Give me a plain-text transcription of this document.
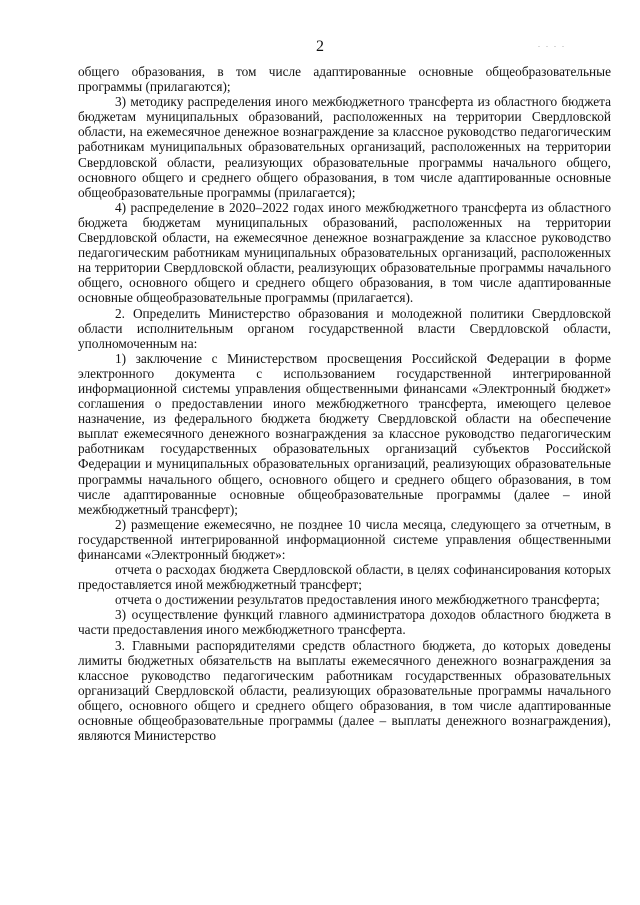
2	. . . .

общего образования, в том числе адаптированные основные общеобразовательные программы (прилагаются);

3) методику распределения иного межбюджетного трансферта из областного бюджета бюджетам муниципальных образований, расположенных на территории Свердловской области, на ежемесячное денежное вознаграждение за классное руководство педагогическим работникам муниципальных образовательных организаций, расположенных на территории Свердловской области, реализующих образовательные программы начального общего, основного общего и среднего общего образования, в том числе адаптированные основные общеобразовательные программы (прилагается);

4) распределение в 2020–2022 годах иного межбюджетного трансферта из областного бюджета бюджетам муниципальных образований, расположенных на территории Свердловской области, на ежемесячное денежное вознаграждение за классное руководство педагогическим работникам муниципальных образовательных организаций, расположенных на территории Свердловской области, реализующих образовательные программы начального общего, основного общего и среднего общего образования, в том числе адаптированные основные общеобразовательные программы (прилагается).

2. Определить Министерство образования и молодежной политики Свердловской области исполнительным органом государственной власти Свердловской области, уполномоченным на:

1) заключение с Министерством просвещения Российской Федерации в форме электронного документа с использованием государственной интегрированной информационной системы управления общественными финансами «Электронный бюджет» соглашения о предоставлении иного межбюджетного трансферта, имеющего целевое назначение, из федерального бюджета бюджету Свердловской области на обеспечение выплат ежемесячного денежного вознаграждения за классное руководство педагогическим работникам государственных образовательных организаций субъектов Российской Федерации и муниципальных образовательных организаций, реализующих образовательные программы начального общего, основного общего и среднего общего образования, в том числе адаптированные основные общеобразовательные программы (далее – иной межбюджетный трансферт);

2) размещение ежемесячно, не позднее 10 числа месяца, следующего за отчетным, в государственной интегрированной информационной системе управления общественными финансами «Электронный бюджет»:

отчета о расходах бюджета Свердловской области, в целях софинансирования которых предоставляется иной межбюджетный трансферт;

отчета о достижении результатов предоставления иного межбюджетного трансферта;

3) осуществление функций главного администратора доходов областного бюджета в части предоставления иного межбюджетного трансферта.

3. Главными распорядителями средств областного бюджета, до которых доведены лимиты бюджетных обязательств на выплаты ежемесячного денежного вознаграждения за классное руководство педагогическим работникам государственных образовательных организаций Свердловской области, реализующих образовательные программы начального общего, основного общего и среднего общего образования, в том числе адаптированные основные общеобразовательные программы (далее – выплаты денежного вознаграждения), являются Министерство
